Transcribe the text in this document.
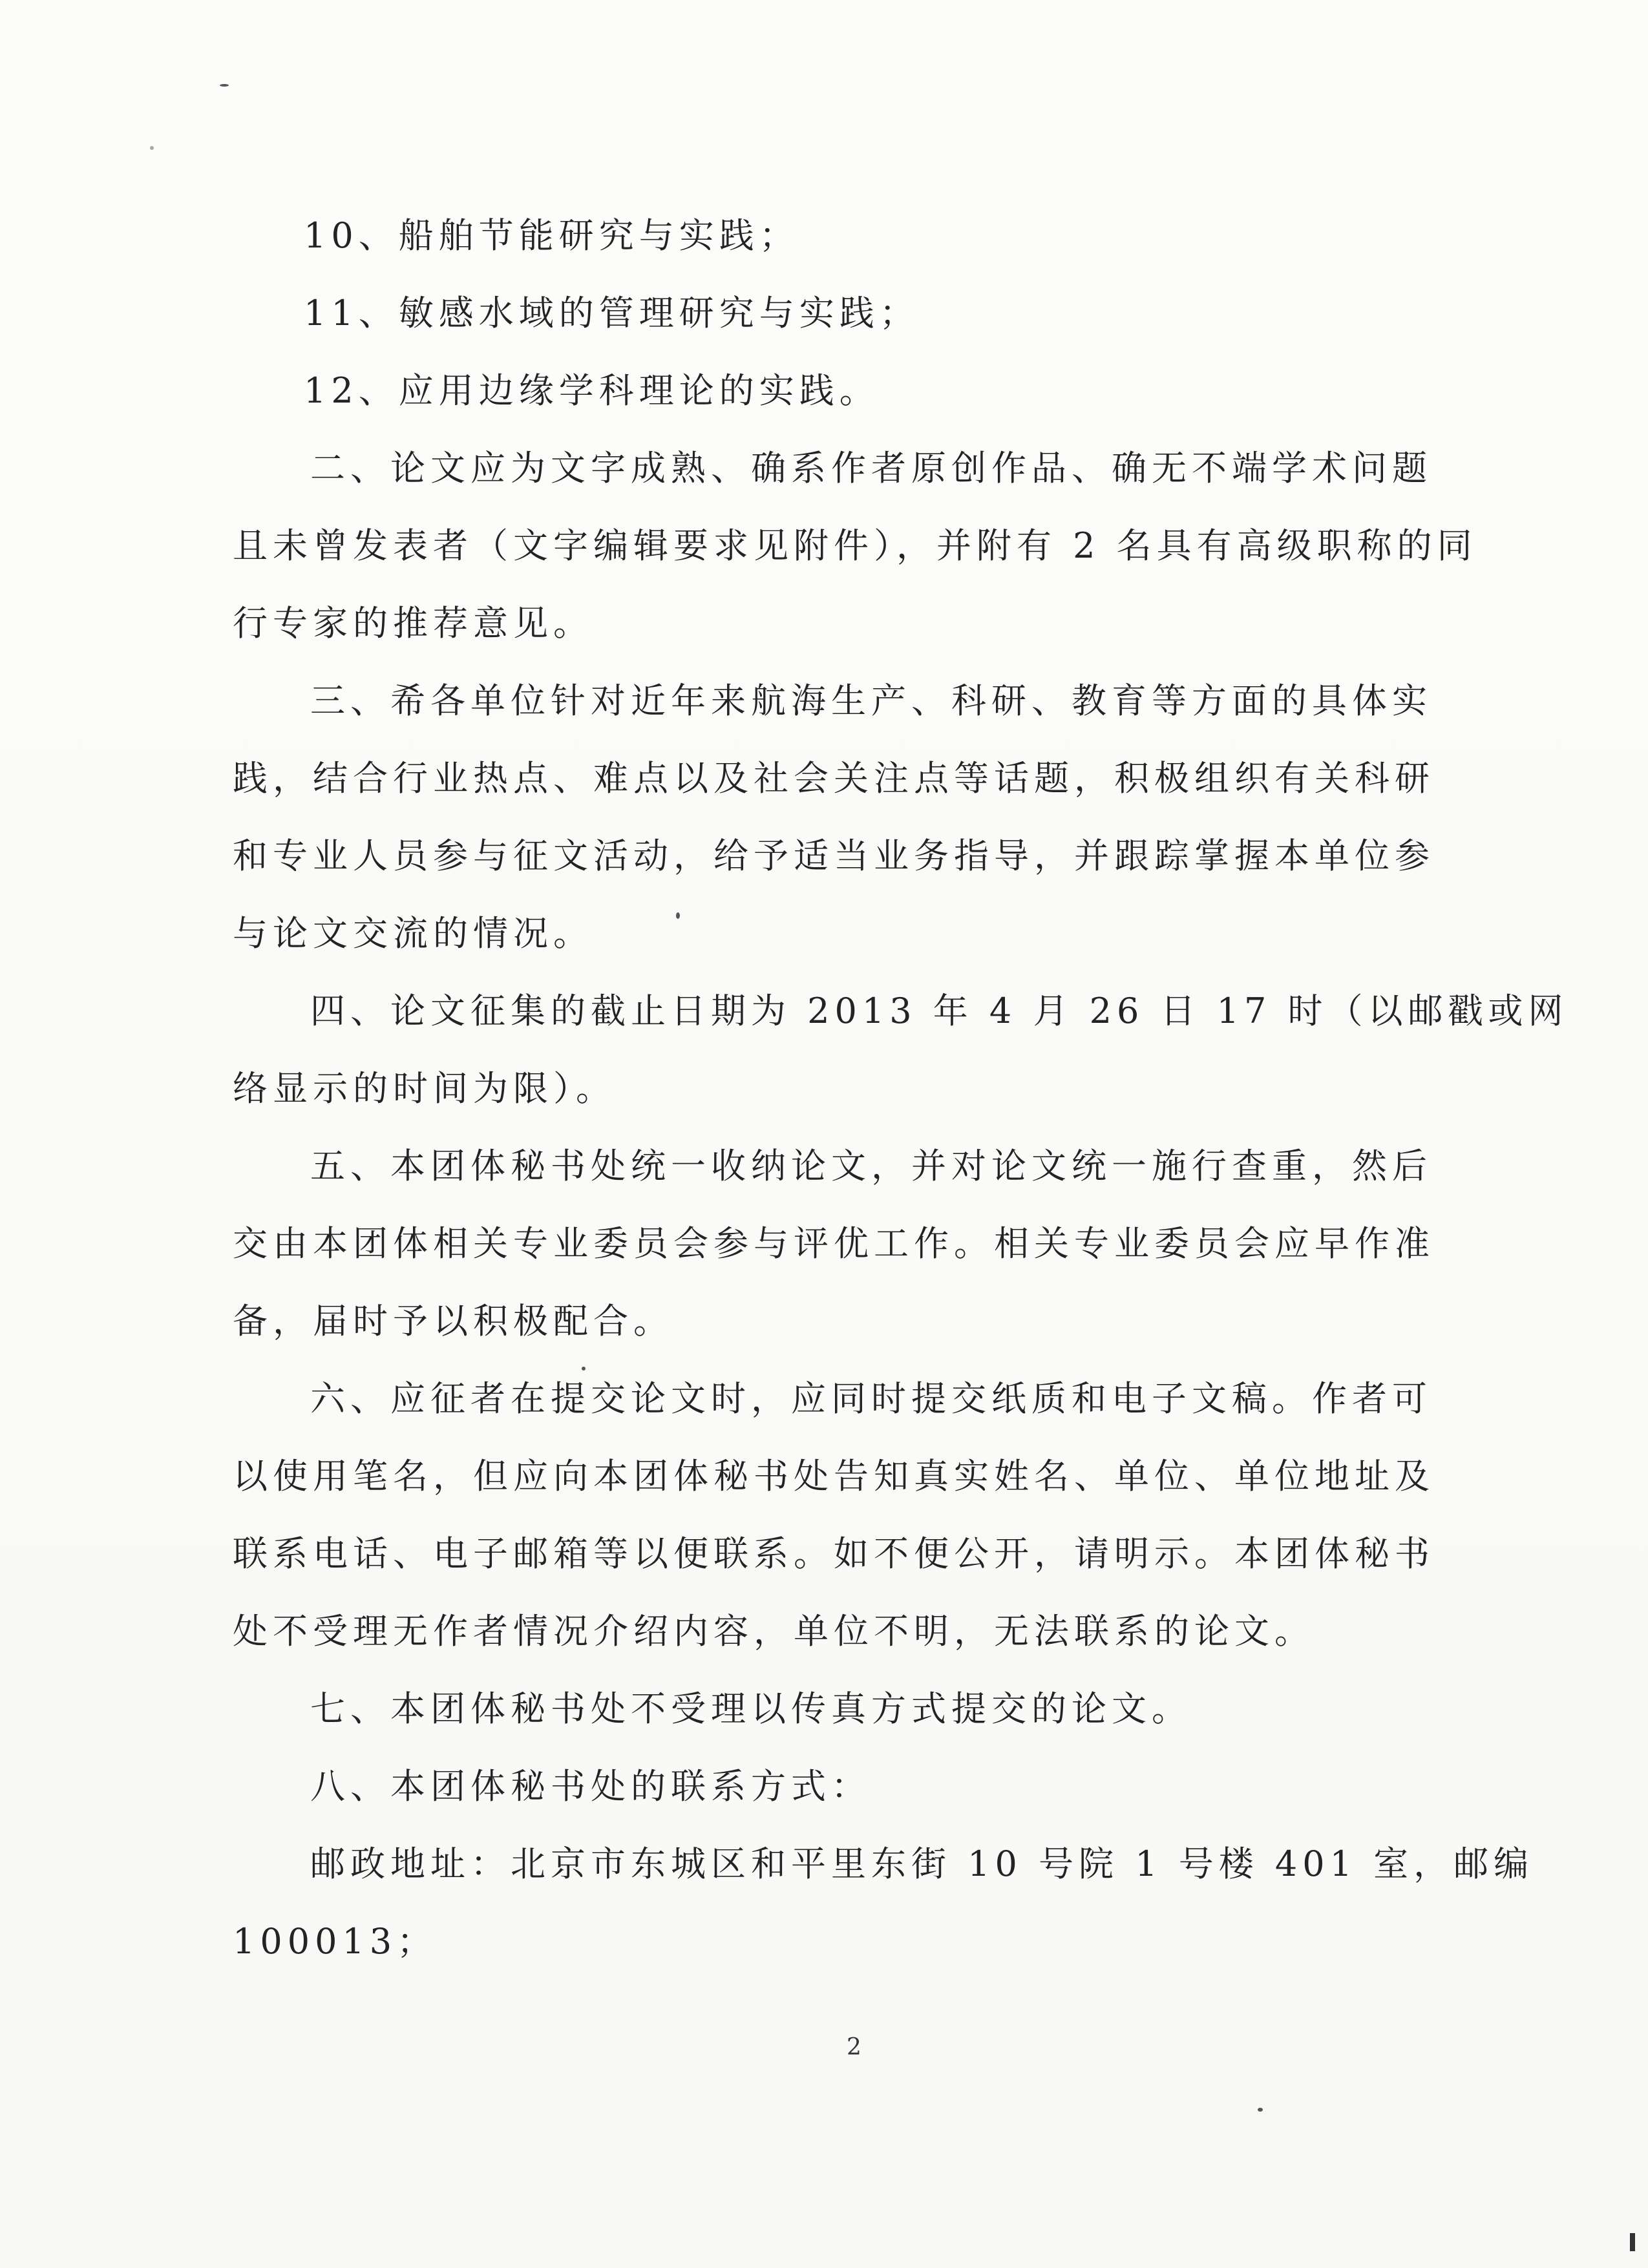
10、船舶节能研究与实践；
11、敏感水域的管理研究与实践；
12、应用边缘学科理论的实践。
二、论文应为文字成熟、确系作者原创作品、确无不端学术问题
且未曾发表者（文字编辑要求见附件），并附有 2 名具有高级职称的同
行专家的推荐意见。
三、希各单位针对近年来航海生产、科研、教育等方面的具体实
践，结合行业热点、难点以及社会关注点等话题，积极组织有关科研
和专业人员参与征文活动，给予适当业务指导，并跟踪掌握本单位参
与论文交流的情况。
四、论文征集的截止日期为 2013 年 4 月 26 日 17 时（以邮戳或网
络显示的时间为限）。
五、本团体秘书处统一收纳论文，并对论文统一施行查重，然后
交由本团体相关专业委员会参与评优工作。相关专业委员会应早作准
备，届时予以积极配合。
六、应征者在提交论文时，应同时提交纸质和电子文稿。作者可
以使用笔名，但应向本团体秘书处告知真实姓名、单位、单位地址及
联系电话、电子邮箱等以便联系。如不便公开，请明示。本团体秘书
处不受理无作者情况介绍内容，单位不明，无法联系的论文。
七、本团体秘书处不受理以传真方式提交的论文。
八、本团体秘书处的联系方式：
邮政地址：北京市东城区和平里东街 10 号院 1 号楼 401 室，邮编
100013；
2
